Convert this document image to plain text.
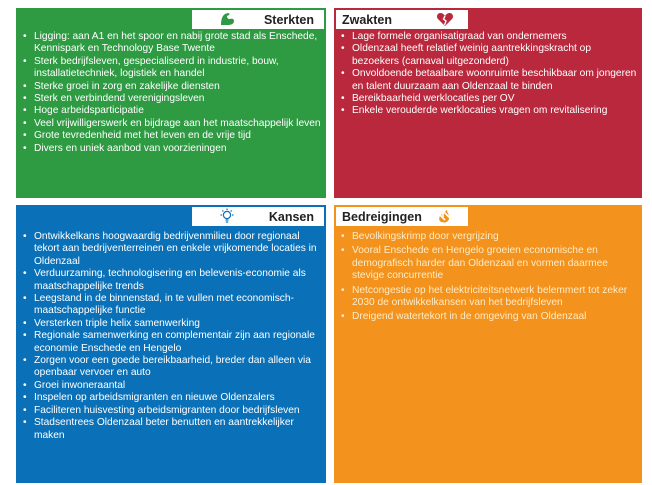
Sterkten
• Ligging: aan A1 en het spoor en nabij grote stad als Enschede, Kennispark en Technology Base Twente
• Sterk bedrijfsleven, gespecialiseerd in industrie, bouw, installatietechniek, logistiek en handel
• Sterke groei in zorg en zakelijke diensten
• Sterk en verbindend verenigingsleven
• Hoge arbeidsparticipatie
• Veel vrijwilligerswerk en bijdrage aan het maatschappelijk leven
• Grote tevredenheid met het leven en de vrije tijd
• Divers en uniek aanbod van voorzieningen
Zwakten
• Lage formele organisatigraad van ondernemers
• Oldenzaal heeft relatief weinig aantrekkingskracht op bezoekers (carnaval uitgezonderd)
• Onvoldoende betaalbare woonruimte beschikbaar om jongeren en talent duurzaam aan Oldenzaal te binden
• Bereikbaarheid werklocaties per OV
• Enkele verouderde werklocaties vragen om revitalisering
Kansen
• Ontwikkelkans hoogwaardig bedrijvenmilieu door regionaal tekort aan bedrijventerreinen en enkele vrijkomende locaties in Oldenzaal
• Verduurzaming, technologisering en belevenis-economie als maatschappelijke trends
• Leegstand in de binnenstad, in te vullen met economisch-maatschappelijke functie
• Versterken triple helix samenwerking
• Regionale samenwerking en complementair zijn aan regionale economie Enschede en Hengelo
• Zorgen voor een goede bereikbaarheid, breder dan alleen via openbaar vervoer en auto
• Groei inwoneraantal
• Inspelen op arbeidsmigranten en nieuwe Oldenzalers
• Faciliteren huisvesting arbeidsmigranten door bedrijfsleven
• Stadsentrees Oldenzaal beter benutten en aantrekkelijker maken
Bedreigingen
• Bevolkingskrimp door vergrijzing
• Vooral Enschede en Hengelo groeien economische en demografisch harder dan Oldenzaal en vormen daarmee stevige concurrentie
• Netcongestie op het elektriciteitsnetwerk belemmert tot zeker 2030 de ontwikkelkansen van het bedrijfsleven
• Dreigend watertekort in de omgeving van Oldenzaal
